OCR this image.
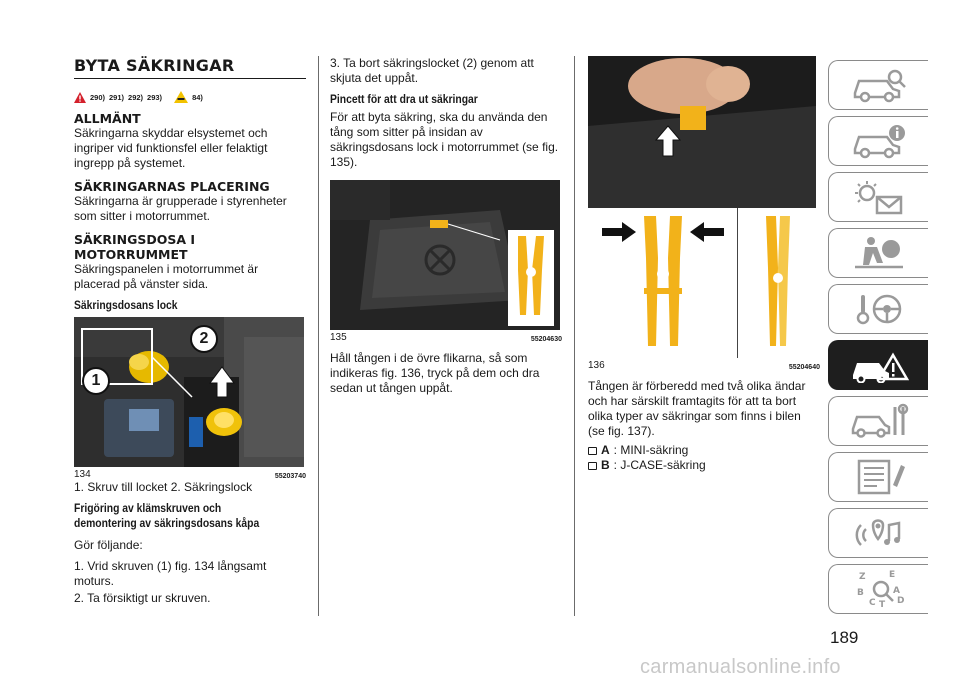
BYTA SÄKRINGAR
290) 291) 292) 293)	84)
ALLMÄNT
Säkringarna skyddar elsystemet och ingriper vid funktionsfel eller felaktigt ingrepp på systemet.
SÄKRINGARNAS PLACERING
Säkringarna är grupperade i styrenheter som sitter i motorrummet.
SÄKRINGSDOSA I MOTORRUMMET
Säkringspanelen i motorrummet är placerad på vänster sida.
Säkringsdosans lock
1
2
134	55203740
1. Skruv till locket 2. Säkringslock
Frigöring av klämskruven och demontering av säkringsdosans kåpa
Gör följande:
1. Vrid skruven (1) fig. 134 långsamt moturs.
2. Ta försiktigt ur skruven.
3. Ta bort säkringslocket (2) genom att skjuta det uppåt.
Pincett för att dra ut säkringar
För att byta säkring, ska du använda den tång som sitter på insidan av säkringsdosans lock i motorrummet (se fig. 135).
135	55204630
Håll tången i de övre flikarna, så som indikeras fig. 136, tryck på dem och dra sedan ut tången uppåt.
136	55204640
Tången är förberedd med två olika ändar och har särskilt framtagits för att ta bort olika typer av säkringar som finns i bilen (se fig. 137).
A : MINI-säkring
B : J-CASE-säkring
Z	E
B	A
C T D
189
carmanualsonline.info
